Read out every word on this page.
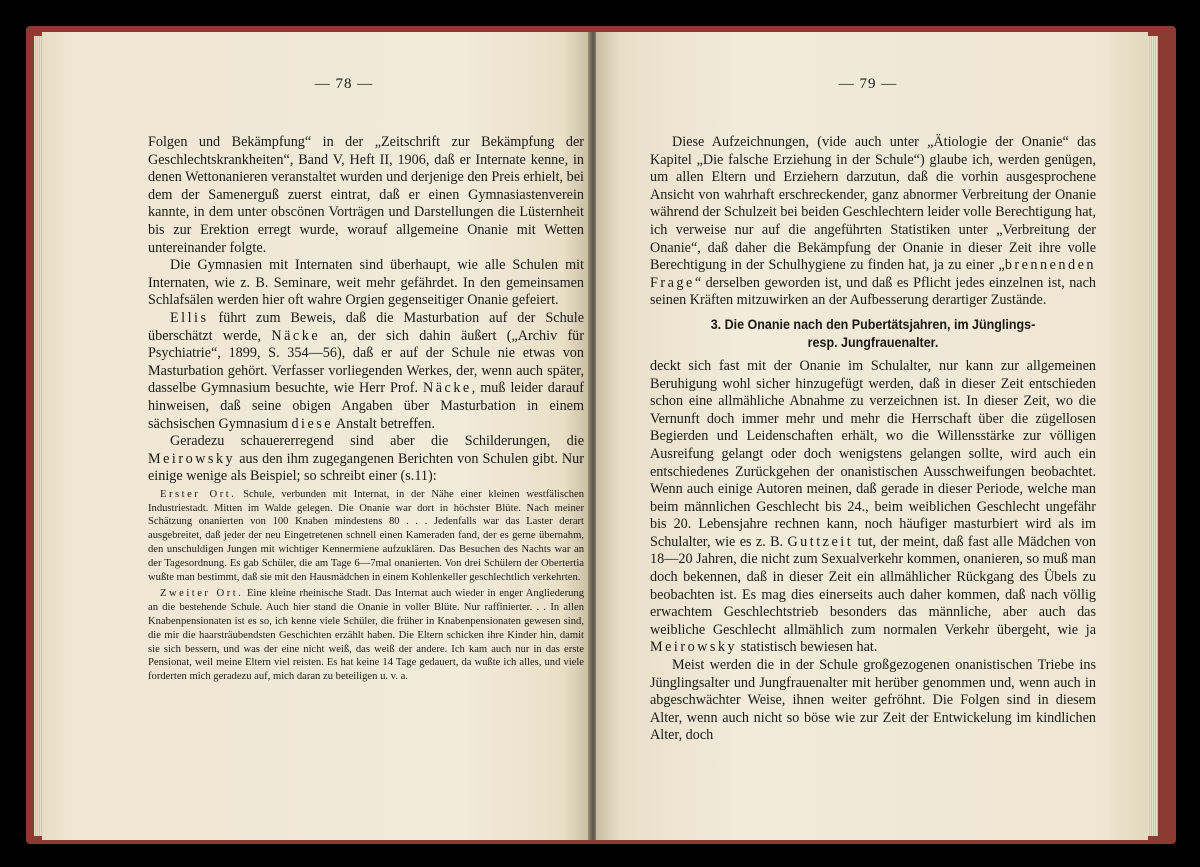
— 78 —

Folgen und Bekämpfung“ in der „Zeitschrift zur Bekämpfung der Geschlechtskrankheiten“, Band V, Heft II, 1906, daß er Internate kenne, in denen Wettonanieren veranstaltet wurden und derjenige den Preis erhielt, bei dem der Samenerguß zuerst eintrat, daß er einen Gymnasiastenverein kannte, in dem unter obscönen Vorträgen und Darstellungen die Lüsternheit bis zur Erektion erregt wurde, worauf allgemeine Onanie mit Wetten untereinander folgte.

Die Gymnasien mit Internaten sind überhaupt, wie alle Schulen mit Internaten, wie z. B. Seminare, weit mehr gefährdet. In den gemeinsamen Schlafsälen werden hier oft wahre Orgien gegenseitiger Onanie gefeiert.

Ellis führt zum Beweis, daß die Masturbation auf der Schule überschätzt werde, Näcke an, der sich dahin äußert („Archiv für Psychiatrie“, 1899, S. 354—56), daß er auf der Schule nie etwas von Masturbation gehört. Verfasser vorliegenden Werkes, der, wenn auch später, dasselbe Gymnasium besuchte, wie Herr Prof. Näcke, muß leider darauf hinweisen, daß seine obigen Angaben über Masturbation in einem sächsischen Gymnasium diese Anstalt betreffen.

Geradezu schauererregend sind aber die Schilderungen, die Meirowsky aus den ihm zugegangenen Berichten von Schulen gibt. Nur einige wenige als Beispiel; so schreibt einer (s.11):

Erster Ort. Schule, verbunden mit Internat, in der Nähe einer kleinen westfälischen Industriestadt. Mitten im Walde gelegen. Die Onanie war dort in höchster Blüte. Nach meiner Schätzung onanierten von 100 Knaben mindestens 80 . . . Jedenfalls war das Laster derart ausgebreitet, daß jeder der neu Eingetretenen schnell einen Kameraden fand, der es gerne übernahm, den unschuldigen Jungen mit wichtiger Kennermiene aufzuklären. Das Besuchen des Nachts war an der Tagesordnung. Es gab Schüler, die am Tage 6—7mal onanierten. Von drei Schülern der Obertertia wußte man bestimmt, daß sie mit den Hausmädchen in einem Kohlenkeller geschlechtlich verkehrten.

Zweiter Ort. Eine kleine rheinische Stadt. Das Internat auch wieder in enger Angliederung an die bestehende Schule. Auch hier stand die Onanie in voller Blüte. Nur raffinierter. . . In allen Knabenpensionaten ist es so, ich kenne viele Schüler, die früher in Knabenpensionaten gewesen sind, die mir die haarsträubendsten Geschichten erzählt haben. Die Eltern schicken ihre Kinder hin, damit sie sich bessern, und was der eine nicht weiß, das weiß der andere. Ich kam auch nur in das erste Pensionat, weil meine Eltern viel reisten. Es hat keine 14 Tage gedauert, da wußte ich alles, und viele forderten mich geradezu auf, mich daran zu beteiligen u. v. a.

— 79 —

Diese Aufzeichnungen, (vide auch unter „Ätiologie der Onanie“ das Kapitel „Die falsche Erziehung in der Schule“) glaube ich, werden genügen, um allen Eltern und Erziehern darzutun, daß die vorhin ausgesprochene Ansicht von wahrhaft erschreckender, ganz abnormer Verbreitung der Onanie während der Schulzeit bei beiden Geschlechtern leider volle Berechtigung hat, ich verweise nur auf die angeführten Statistiken unter „Verbreitung der Onanie“, daß daher die Bekämpfung der Onanie in dieser Zeit ihre volle Berechtigung in der Schulhygiene zu finden hat, ja zu einer „brennenden Frage“ derselben geworden ist, und daß es Pflicht jedes einzelnen ist, nach seinen Kräften mitzuwirken an der Aufbesserung derartiger Zustände.

3. Die Onanie nach den Pubertätsjahren, im Jünglings-
resp. Jungfrauenalter.

deckt sich fast mit der Onanie im Schulalter, nur kann zur allgemeinen Beruhigung wohl sicher hinzugefügt werden, daß in dieser Zeit entschieden schon eine allmähliche Abnahme zu verzeichnen ist. In dieser Zeit, wo die Vernunft doch immer mehr und mehr die Herrschaft über die zügellosen Begierden und Leidenschaften erhält, wo die Willensstärke zur völligen Ausreifung gelangt oder doch wenigstens gelangen sollte, wird auch ein entschiedenes Zurückgehen der onanistischen Ausschweifungen beobachtet. Wenn auch einige Autoren meinen, daß gerade in dieser Periode, welche man beim männlichen Geschlecht bis 24., beim weiblichen Geschlecht ungefähr bis 20. Lebensjahre rechnen kann, noch häufiger masturbiert wird als im Schulalter, wie es z. B. Guttzeit tut, der meint, daß fast alle Mädchen von 18—20 Jahren, die nicht zum Sexualverkehr kommen, onanieren, so muß man doch bekennen, daß in dieser Zeit ein allmählicher Rückgang des Übels zu beobachten ist. Es mag dies einerseits auch daher kommen, daß nach völlig erwachtem Geschlechtstrieb besonders das männliche, aber auch das weibliche Geschlecht allmählich zum normalen Verkehr übergeht, wie ja Meirowsky statistisch bewiesen hat.

Meist werden die in der Schule großgezogenen onanistischen Triebe ins Jünglingsalter und Jungfrauenalter mit herüber genommen und, wenn auch in abgeschwächter Weise, ihnen weiter gefröhnt. Die Folgen sind in diesem Alter, wenn auch nicht so böse wie zur Zeit der Entwickelung im kindlichen Alter, doch
